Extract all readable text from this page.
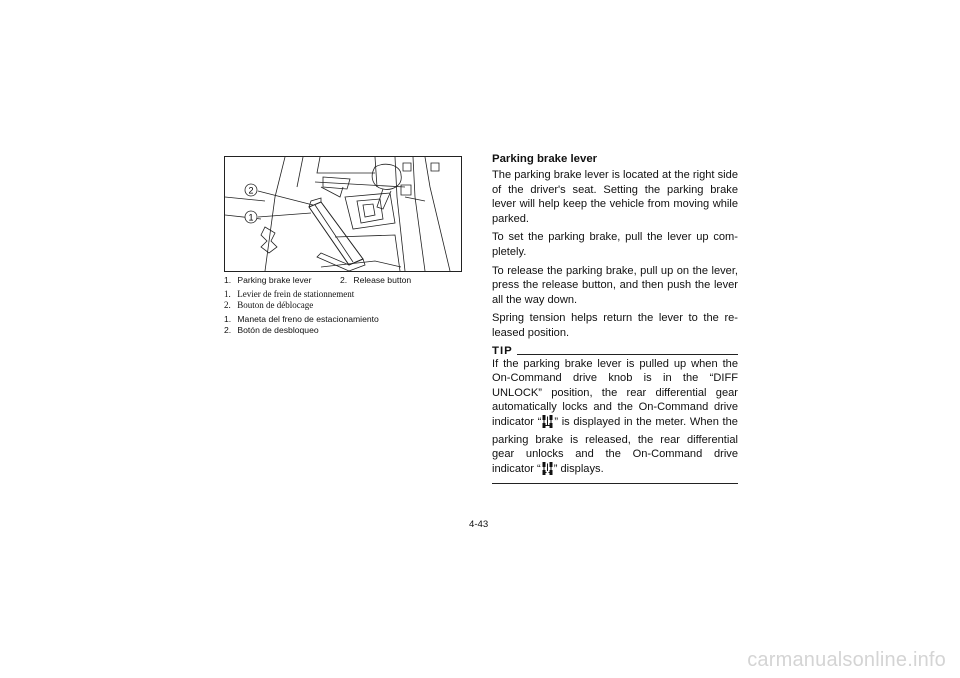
2
1
1. Parking brake lever	2. Release button
1. Levier de frein de stationnement
2. Bouton de déblocage
1. Maneta del freno de estacionamiento
2. Botón de desbloqueo
Parking brake lever

The parking brake lever is located at the right side of the driver's seat. Setting the parking brake lever will help keep the vehicle from moving while parked.

To set the parking brake, pull the lever up com-pletely.

To release the parking brake, pull up on the lever, press the release button, and then push the lever all the way down.

Spring tension helps return the lever to the re-leased position.

TIP

If the parking brake lever is pulled up when the On-Command drive knob is in the “DIFF UNLOCK” position, the rear differential gear automatically locks and the On-Command drive indicator “ ” is displayed in the meter. When the parking brake is released, the rear differential gear unlocks and the On-Command drive indicator “ ” displays.

4-43
carmanualsonline.info
